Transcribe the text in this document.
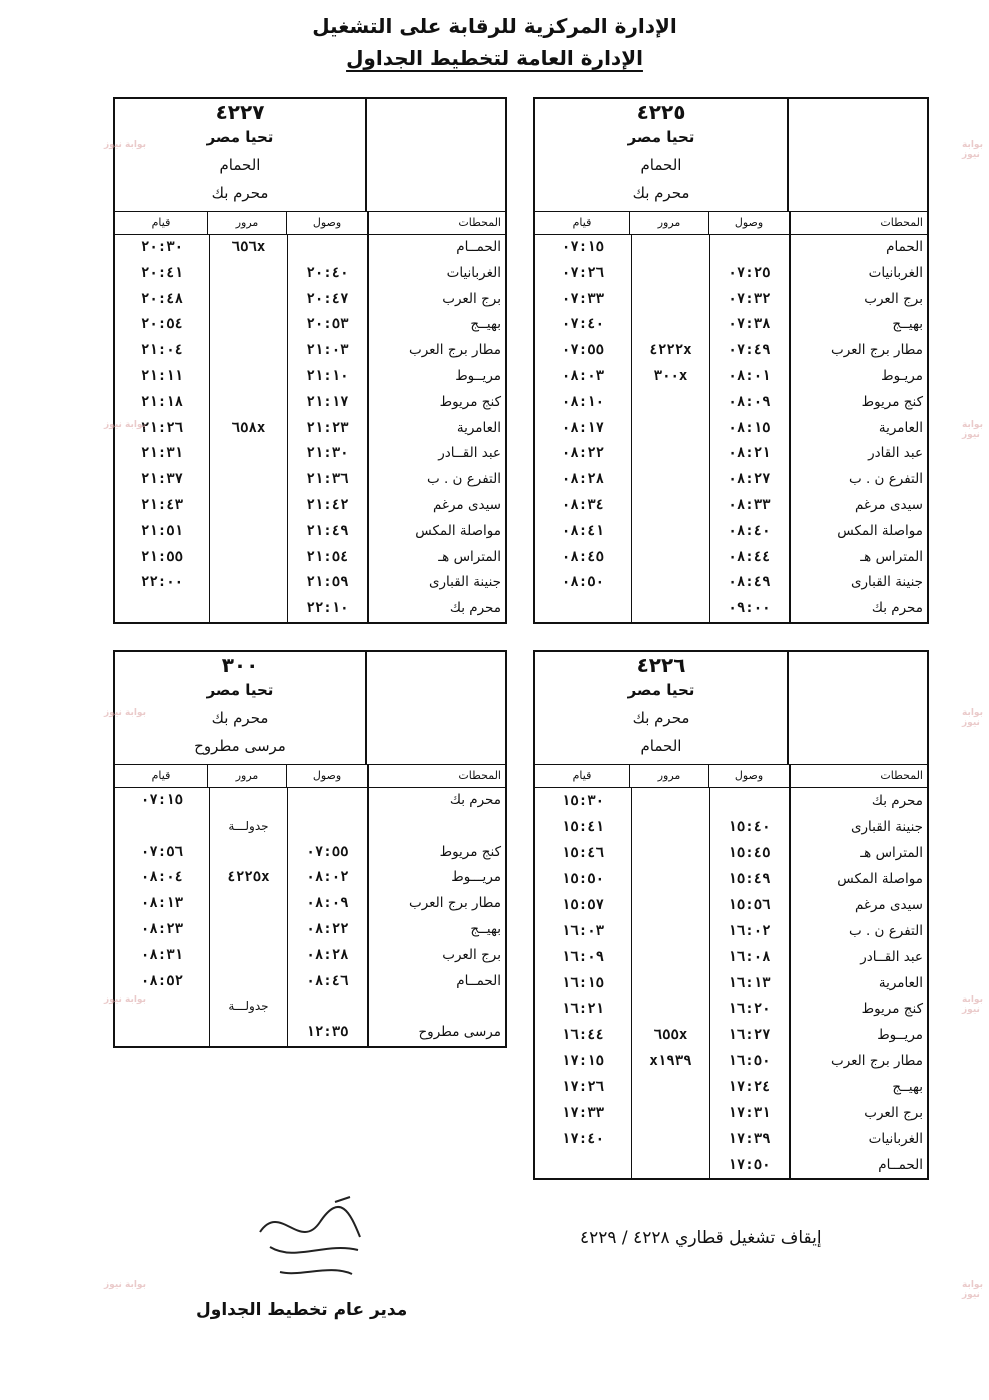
الإدارة المركزية للرقابة على التشغيل
الإدارة العامة لتخطيط الجداول
٤٢٢٥
تحيا مصر
الحمام
محرم بك
المحطات
وصول
مرور
قيام
الحمام
٠٧:١٥
الغربانيات
٠٧:٢٥
٠٧:٢٦
برج العرب
٠٧:٣٢
٠٧:٣٣
بهيــج
٠٧:٣٨
٠٧:٤٠
مطار برج العرب
٠٧:٤٩
٤٢٢٢x
٠٧:٥٥
مريـوط
٠٨:٠١
٣٠٠x
٠٨:٠٣
كنج مريوط
٠٨:٠٩
٠٨:١٠
العامرية
٠٨:١٥
٠٨:١٧
عبد القادر
٠٨:٢١
٠٨:٢٢
التفرع ن . ب
٠٨:٢٧
٠٨:٢٨
سيدى مرغم
٠٨:٣٣
٠٨:٣٤
مواصلة المكس
٠٨:٤٠
٠٨:٤١
المتراس هـ
٠٨:٤٤
٠٨:٤٥
جنينة القبارى
٠٨:٤٩
٠٨:٥٠
محرم بك
٠٩:٠٠
٤٢٢٧
تحيا مصر
الحمام
محرم بك
المحطات
وصول
مرور
قيام
الحمــام
٦٥٦x
٢٠:٣٠
الغربانيات
٢٠:٤٠
٢٠:٤١
برج العرب
٢٠:٤٧
٢٠:٤٨
بهيــج
٢٠:٥٣
٢٠:٥٤
مطار برج العرب
٢١:٠٣
٢١:٠٤
مريــوط
٢١:١٠
٢١:١١
كنج مريوط
٢١:١٧
٢١:١٨
العامرية
٢١:٢٣
٦٥٨x
٢١:٢٦
عبد القــادر
٢١:٣٠
٢١:٣١
التفرع ن . ب
٢١:٣٦
٢١:٣٧
سيدى مرغم
٢١:٤٢
٢١:٤٣
مواصلة المكس
٢١:٤٩
٢١:٥١
المتراس هـ
٢١:٥٤
٢١:٥٥
جنينة القبارى
٢١:٥٩
٢٢:٠٠
محرم بك
٢٢:١٠
٤٢٢٦
تحيا مصر
محرم بك
الحمام
المحطات
وصول
مرور
قيام
محرم بك
١٥:٣٠
جنينة القبارى
١٥:٤٠
١٥:٤١
المتراس هـ
١٥:٤٥
١٥:٤٦
مواصلة المكس
١٥:٤٩
١٥:٥٠
سيدى مرغم
١٥:٥٦
١٥:٥٧
التفرع ن . ب
١٦:٠٢
١٦:٠٣
عبد القــادر
١٦:٠٨
١٦:٠٩
العامرية
١٦:١٣
١٦:١٥
كنج مريوط
١٦:٢٠
١٦:٢١
مريــوط
١٦:٢٧
٦٥٥x
١٦:٤٤
مطار برج العرب
١٦:٥٠
x١٩٣٩
١٧:١٥
بهيــج
١٧:٢٤
١٧:٢٦
برج العرب
١٧:٣١
١٧:٣٣
الغربانيات
١٧:٣٩
١٧:٤٠
الحمــام
١٧:٥٠
٣٠٠
تحيا مصر
محرم بك
مرسى مطروح
المحطات
وصول
مرور
قيام
محرم بك
٠٧:١٥
جدولـــة
كنج مريوط
٠٧:٥٥
٠٧:٥٦
مريـــوط
٠٨:٠٢
٤٢٢٥x
٠٨:٠٤
مطار برج العرب
٠٨:٠٩
٠٨:١٣
بهيــج
٠٨:٢٢
٠٨:٢٣
برج العرب
٠٨:٢٨
٠٨:٣١
الحمــام
٠٨:٤٦
٠٨:٥٢
جدولـــة
مرسى مطروح
١٢:٣٥
إيقاف تشغيل قطاري ٤٢٢٨ / ٤٢٢٩
مدير عام تخطيط الجداول
بوابة نيوز
بوابة نيوز
بوابة نيوز
بوابة نيوز
بوابة نيوز
بوابة نيوز
بوابة نيوز
بوابة نيوز
بوابة نيوز
بوابة نيوز
